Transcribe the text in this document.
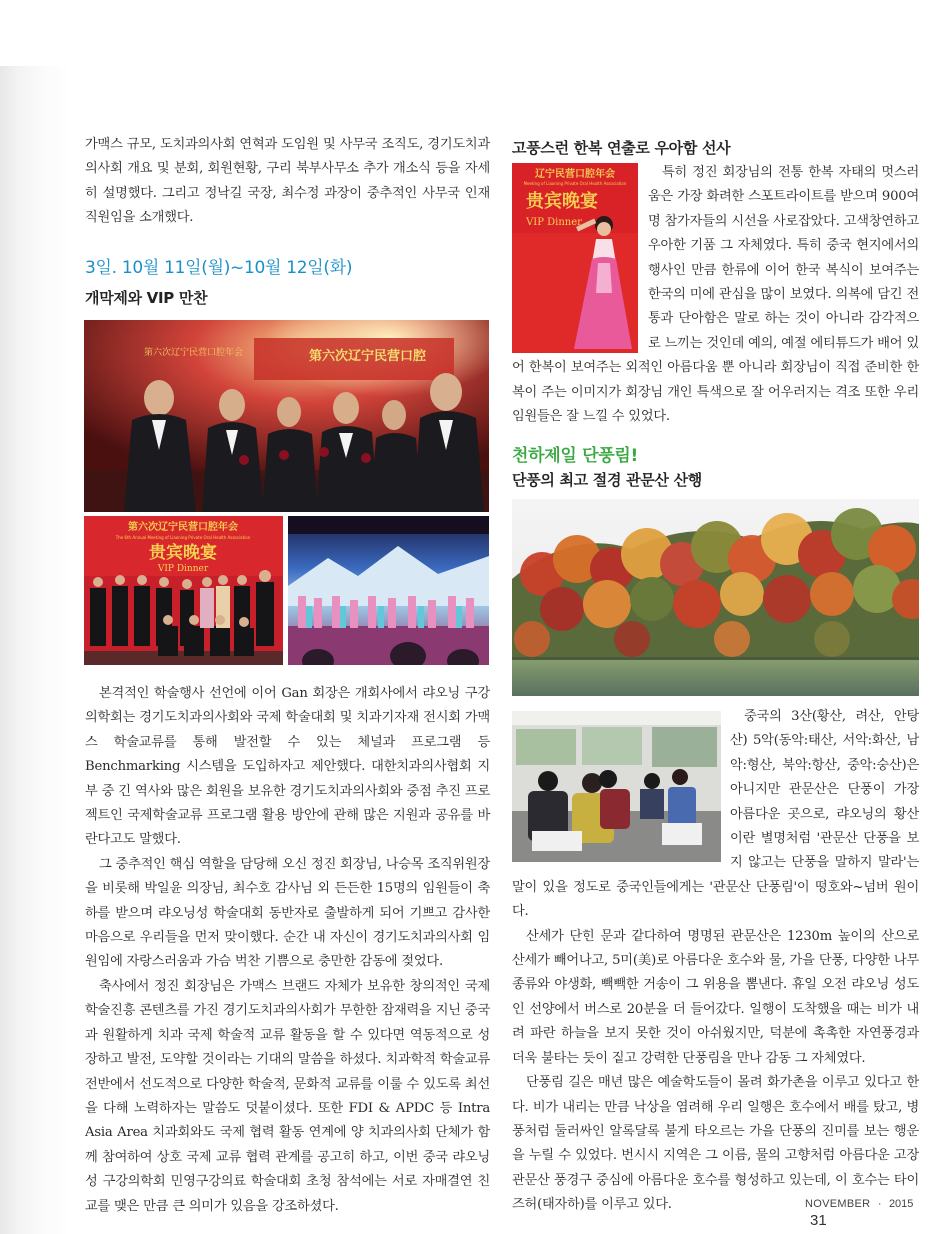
가맥스 규모, 도치과의사회 연혁과 도임원 및 사무국 조직도, 경기도치과의사회 개요 및 분회, 회원현황, 구리 북부사무소 추가 개소식 등을 자세히 설명했다. 그리고 정낙길 국장, 최수정 과장이 중추적인 사무국 인재 직원임을 소개했다.

3일. 10월 11일(월)~10월 12일(화)

개막제와 VIP 만찬

第六次辽宁民营口腔年会	第六次辽宁民营口腔
第六次辽宁民营口腔年会
The 6th Annual Meeting of Liaoning Private Oral Health Association
贵宾晚宴
VIP Dinner

본격적인 학술행사 선언에 이어 Gan 회장은 개회사에서 랴오닝 구강의학회는 경기도치과의사회와 국제 학술대회 및 치과기자재 전시회 가맥스 학술교류를 통해 발전할 수 있는 체널과 프로그램 등 Benchmarking 시스템을 도입하자고 제안했다. 대한치과의사협회 지부 중 긴 역사와 많은 회원을 보유한 경기도치과의사회와 중점 추진 프로젝트인 국제학술교류 프로그램 활용 방안에 관해 많은 지원과 공유를 바란다고도 말했다.

그 중추적인 핵심 역할을 담당해 오신 정진 회장님, 나승목 조직위원장을 비롯해 박일윤 의장님, 최수호 감사님 외 든든한 15명의 임원들이 축하를 받으며 랴오닝성 학술대회 동반자로 출발하게 되어 기쁘고 감사한 마음으로 우리들을 먼저 맞이했다. 순간 내 자신이 경기도치과의사회 임원임에 자랑스러움과 가슴 벅찬 기쁨으로 충만한 감동에 젖었다.

축사에서 정진 회장님은 가맥스 브랜드 자체가 보유한 창의적인 국제학술진흥 콘텐츠를 가진 경기도치과의사회가 무한한 잠재력을 지닌 중국과 원활하게 치과 국제 학술적 교류 활동을 할 수 있다면 역동적으로 성장하고 발전, 도약할 것이라는 기대의 말씀을 하셨다. 치과학적 학술교류 전반에서 선도적으로 다양한 학술적, 문화적 교류를 이룰 수 있도록 최선을 다해 노력하자는 말씀도 덧붙이셨다. 또한 FDI & APDC 등 Intra Asia Area 치과회와도 국제 협력 활동 연계에 양 치과의사회 단체가 함께 참여하여 상호 국제 교류 협력 관계를 공고히 하고, 이번 중국 랴오닝성 구강의학회 민영구강의료 학술대회 초청 참석에는 서로 자매결연 친교를 맺은 만큼 큰 의미가 있음을 강조하셨다.

고풍스런 한복 연출로 우아함 선사

辽宁民营口腔年会
Meeting of Liaoning Private Oral Health Association
贵宾晚宴
VIP Dinner

특히 정진 회장님의 전통 한복 자태의 멋스러움은 가장 화려한 스포트라이트를 받으며 900여 명 참가자들의 시선을 사로잡았다. 고색창연하고 우아한 기품 그 자체였다. 특히 중국 현지에서의 행사인 만큼 한류에 이어 한국 복식이 보여주는 한국의 미에 관심을 많이 보였다. 의복에 담긴 전통과 단아함은 말로 하는 것이 아니라 감각적으로 느끼는 것인데 예의, 예절 에티튜드가 배어 있어 한복이 보여주는 외적인 아름다움 뿐 아니라 회장님이 직접 준비한 한복이 주는 이미지가 회장님 개인 특색으로 잘 어우러지는 격조 또한 우리 임원들은 잘 느낄 수 있었다.

천하제일 단풍림!

단풍의 최고 절경 관문산 산행

중국의 3산(황산, 려산, 안탕산) 5악(동악:태산, 서악:화산, 남악:형산, 북악:항산, 중악:숭산)은 아니지만 관문산은 단풍이 가장 아름다운 곳으로, 랴오닝의 황산이란 별명처럼 '관문산 단풍을 보지 않고는 단풍을 말하지 말라'는 말이 있을 정도로 중국인들에게는 '관문산 단풍림'이 떵호와~넘버 원이다.

산세가 단힌 문과 같다하여 명명된 관문산은 1230m 높이의 산으로 산세가 빼어나고, 5미(美)로 아름다운 호수와 물, 가을 단풍, 다양한 나무종류와 야생화, 빽빽한 거송이 그 위용을 뽐낸다. 휴일 오전 랴오닝 성도인 선양에서 버스로 20분을 더 들어갔다. 일행이 도착했을 때는 비가 내려 파란 하늘을 보지 못한 것이 아쉬웠지만, 덕분에 촉촉한 자연풍경과 더욱 불타는 듯이 짙고 강력한 단풍림을 만나 감동 그 자체였다.

단풍림 길은 매년 많은 예술학도들이 몰려 화가촌을 이루고 있다고 한다. 비가 내리는 만큼 낙상을 염려해 우리 일행은 호수에서 배를 탔고, 병풍처럼 둘러싸인 알록달록 불게 타오르는 가을 단풍의 진미를 보는 행운을 누릴 수 있었다. 번시시 지역은 그 이름, 물의 고향처럼 아름다운 고장 관문산 풍경구 중심에 아름다운 호수를 형성하고 있는데, 이 호수는 타이즈허(태자하)를 이루고 있다.	NOVEMBER · 2015 31
